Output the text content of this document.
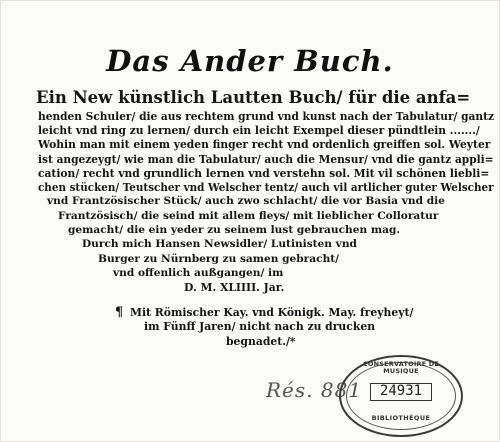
Das Ander Buch.
Ein New künstlich Lautten Buch/ für die anfa=
henden Schuler/ die aus rechtem grund vnd kunst nach der Tabulatur/ gantz
leicht vnd ring zu lernen/ durch ein leicht Exempel dieser pündtlein ......./
Wohin man mit einem yeden finger recht vnd ordenlich greiffen sol. Weyter
ist angezeygt/ wie man die Tabulatur/ auch die Mensur/ vnd die gantz appli=
cation/ recht vnd grundlich lernen vnd verstehn sol. Mit vil schönen liebli=
chen stücken/ Teutscher vnd Welscher tentz/ auch vil artlicher guter Welscher
vnd Frantzösischer Stück/ auch zwo schlacht/ die vor Basia vnd die
Frantzösisch/ die seind mit allem fleys/ mit lieblicher Colloratur
gemacht/ die ein yeder zu seinem lust gebrauchen mag.
Durch mich Hansen Newsidler/ Lutinisten vnd
Burger zu Nürnberg zu samen gebracht/
vnd offenlich außgangen/ im
D. M. XLIIII. Jar.
¶ Mit Römischer Kay. vnd Königk. May. freyheyt/
im Fünff Jaren/ nicht nach zu drucken
begnadet./*
Rés. 881
CONSERVATOIRE DE MUSIQUE
24931
BIBLIOTHÈQUE
